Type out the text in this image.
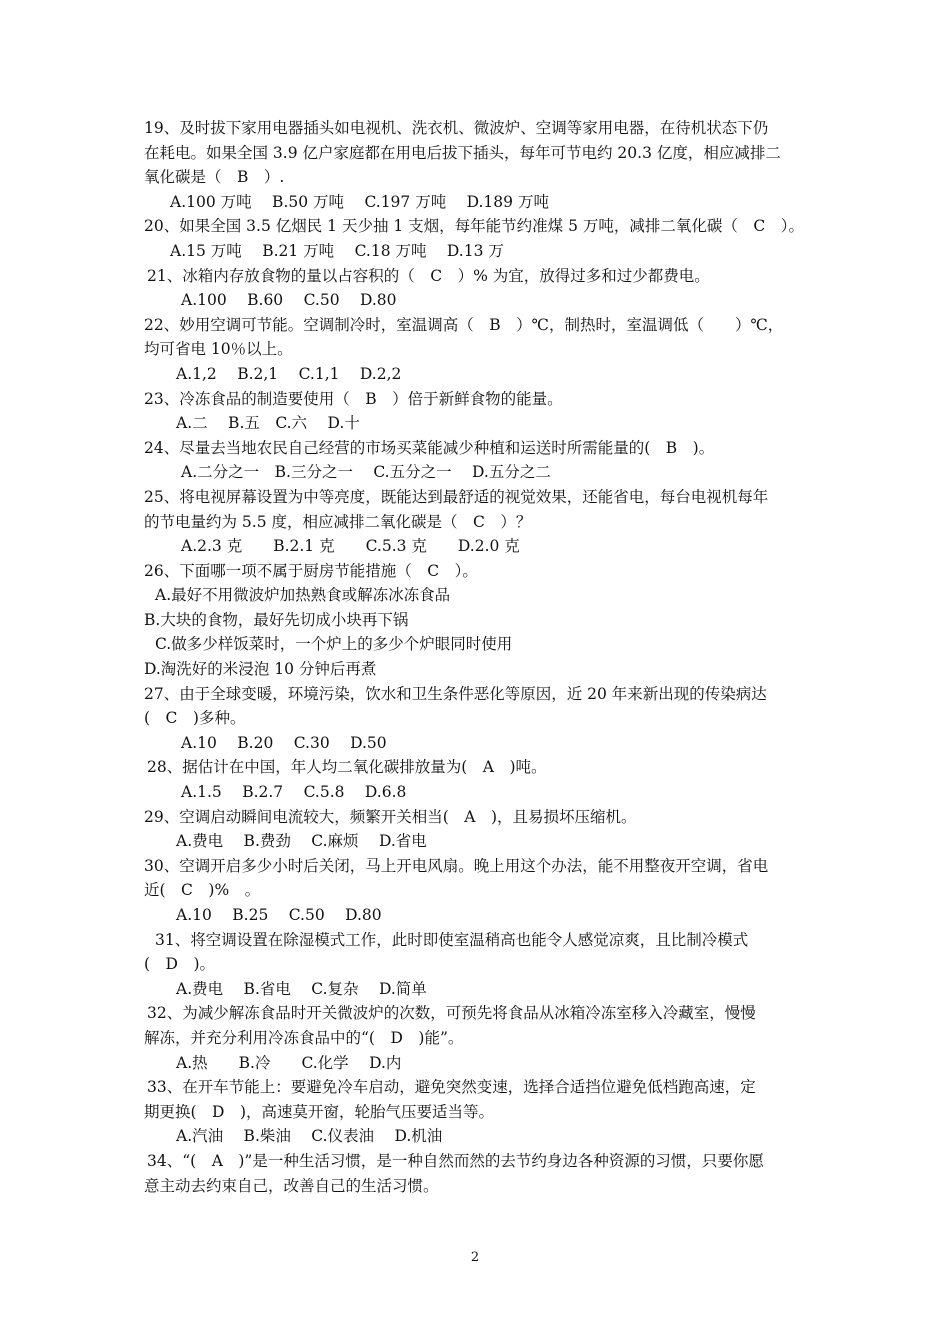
19、及时拔下家用电器插头如电视机、洗衣机、微波炉、空调等家用电器，在待机状态下仍
在耗电。如果全国 3.9 亿户家庭都在用电后拔下插头，每年可节电约 20.3 亿度，相应减排二
氧化碳是（　B　）.
A.100 万吨　 B.50 万吨　 C.197 万吨　 D.189 万吨
20、如果全国 3.5 亿烟民 1 天少抽 1 支烟，每年能节约准煤 5 万吨，减排二氧化碳（　C　）。
A.15 万吨　 B.21 万吨　 C.18 万吨　 D.13 万
21、冰箱内存放食物的量以占容积的（　C　）% 为宜，放得过多和过少都费电。
A.100　 B.60　 C.50　 D.80
22、妙用空调可节能。空调制冷时，室温调高（　B　）℃，制热时，室温调低（　　）℃，
均可省电 10％以上。
A.1,2　 B.2,1　 C.1,1　 D.2,2
23、冷冻食品的制造要使用（　B　）倍于新鲜食物的能量。
A.二　 B.五　C.六　 D.十
24、尽量去当地农民自己经营的市场买菜能减少种植和运送时所需能量的(　B　)。
A.二分之一　B.三分之一　 C.五分之一　 D.五分之二
25、将电视屏幕设置为中等亮度，既能达到最舒适的视觉效果，还能省电，每台电视机每年
的节电量约为 5.5 度，相应减排二氧化碳是（　C　）？
A.2.3 克　　B.2.1 克　　C.5.3 克　　D.2.0 克
26、下面哪一项不属于厨房节能措施（　C　）。
A.最好不用微波炉加热熟食或解冻冰冻食品
B.大块的食物，最好先切成小块再下锅
C.做多少样饭菜时，一个炉上的多少个炉眼同时使用
D.淘洗好的米浸泡 10 分钟后再煮
27、由于全球变暖，环境污染，饮水和卫生条件恶化等原因，近 20 年来新出现的传染病达
(　C　)多种。
A.10　 B.20　 C.30　 D.50
28、据估计在中国，年人均二氧化碳排放量为(　A　)吨。
A.1.5　 B.2.7　 C.5.8　 D.6.8
29、空调启动瞬间电流较大，频繁开关相当(　A　)，且易损坏压缩机。
A.费电　 B.费劲　 C.麻烦　 D.省电
30、空调开启多少小时后关闭，马上开电风扇。晚上用这个办法，能不用整夜开空调，省电
近(　C　)%　。
A.10　 B.25　 C.50　 D.80
31、将空调设置在除湿模式工作，此时即使室温稍高也能令人感觉凉爽，且比制冷模式
(　D　)。
A.费电　 B.省电　 C.复杂　 D.简单
32、为减少解冻食品时开关微波炉的次数，可预先将食品从冰箱冷冻室移入冷藏室，慢慢
解冻，并充分利用冷冻食品中的“(　D　)能”。
A.热　　B.冷　　C.化学　 D.内
33、在开车节能上：要避免冷车启动，避免突然变速，选择合适挡位避免低档跑高速，定
期更换(　D　)，高速莫开窗，轮胎气压要适当等。
A.汽油　 B.柴油　 C.仪表油　 D.机油
34、“(　A　)”是一种生活习惯，是一种自然而然的去节约身边各种资源的习惯，只要你愿
意主动去约束自己，改善自己的生活习惯。
2
